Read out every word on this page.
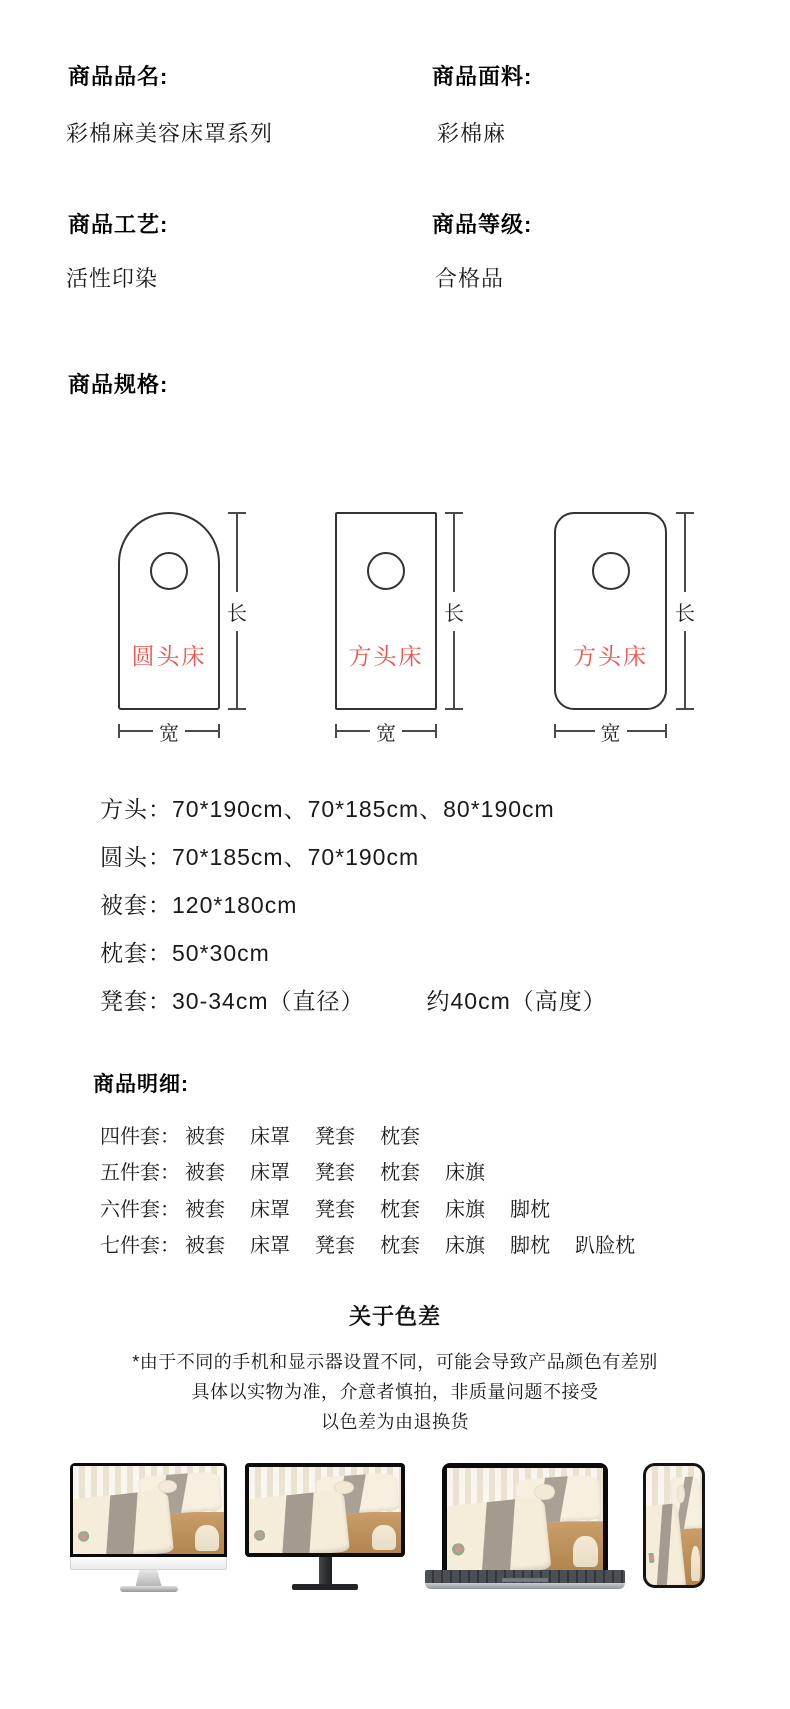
商品品名:
彩棉麻美容床罩系列
商品面料:
彩棉麻
商品工艺:
活性印染
商品等级:
合格品
商品规格:
圆头床
长
宽
方头床
长
宽
方头床
长
宽
方头：70*190cm、70*185cm、80*190cm
圆头：70*185cm、70*190cm
被套：120*180cm
枕套：50*30cm
凳套：30-34cm（直径）	约40cm（高度）
商品明细:
四件套： 被套 床罩 凳套 枕套
五件套： 被套 床罩 凳套 枕套 床旗
六件套： 被套 床罩 凳套 枕套 床旗 脚枕
七件套： 被套 床罩 凳套 枕套 床旗 脚枕 趴脸枕
关于色差
*由于不同的手机和显示器设置不同，可能会导致产品颜色有差别
具体以实物为准，介意者慎拍，非质量问题不接受
以色差为由退换货
